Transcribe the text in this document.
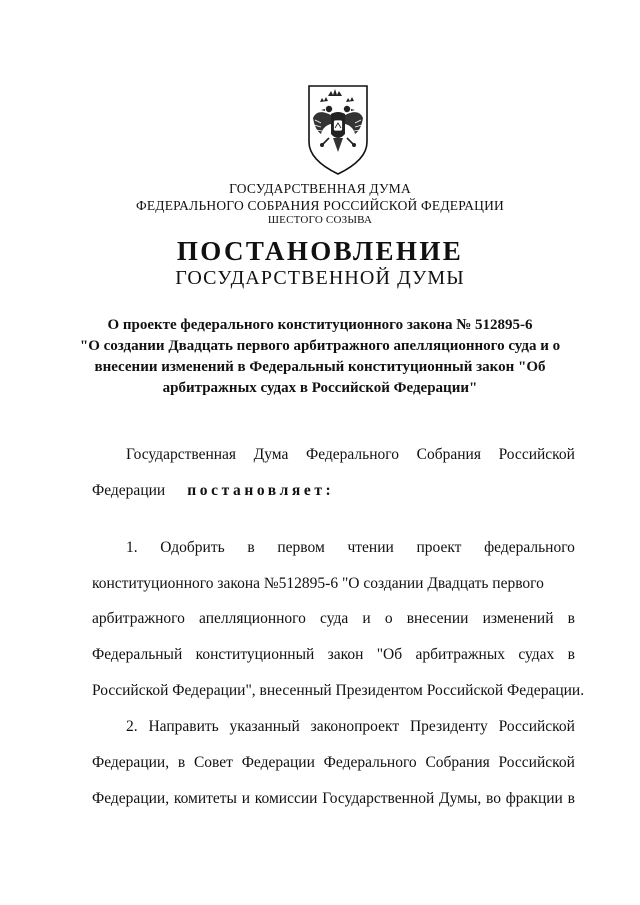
ГОСУДАРСТВЕННАЯ ДУМА
ФЕДЕРАЛЬНОГО СОБРАНИЯ РОССИЙСКОЙ ФЕДЕРАЦИИ
ШЕСТОГО СОЗЫВА
ПОСТАНОВЛЕНИЕ
ГОСУДАРСТВЕННОЙ ДУМЫ
О проекте федерального конституционного закона № 512895-6
"О создании Двадцать первого арбитражного апелляционного суда и о
внесении изменений в Федеральный конституционный закон "Об
арбитражных судах в Российской Федерации"
Государственная Дума Федерального Собрания Российской
Федерации постановляет:
1. Одобрить в первом чтении проект федерального
конституционного закона №512895-6 "О создании Двадцать первого
арбитражного апелляционного суда и о внесении изменений в
Федеральный конституционный закон "Об арбитражных судах в
Российской Федерации", внесенный Президентом Российской Федерации.
2. Направить указанный законопроект Президенту Российской
Федерации, в Совет Федерации Федерального Собрания Российской
Федерации, комитеты и комиссии Государственной Думы, во фракции в
